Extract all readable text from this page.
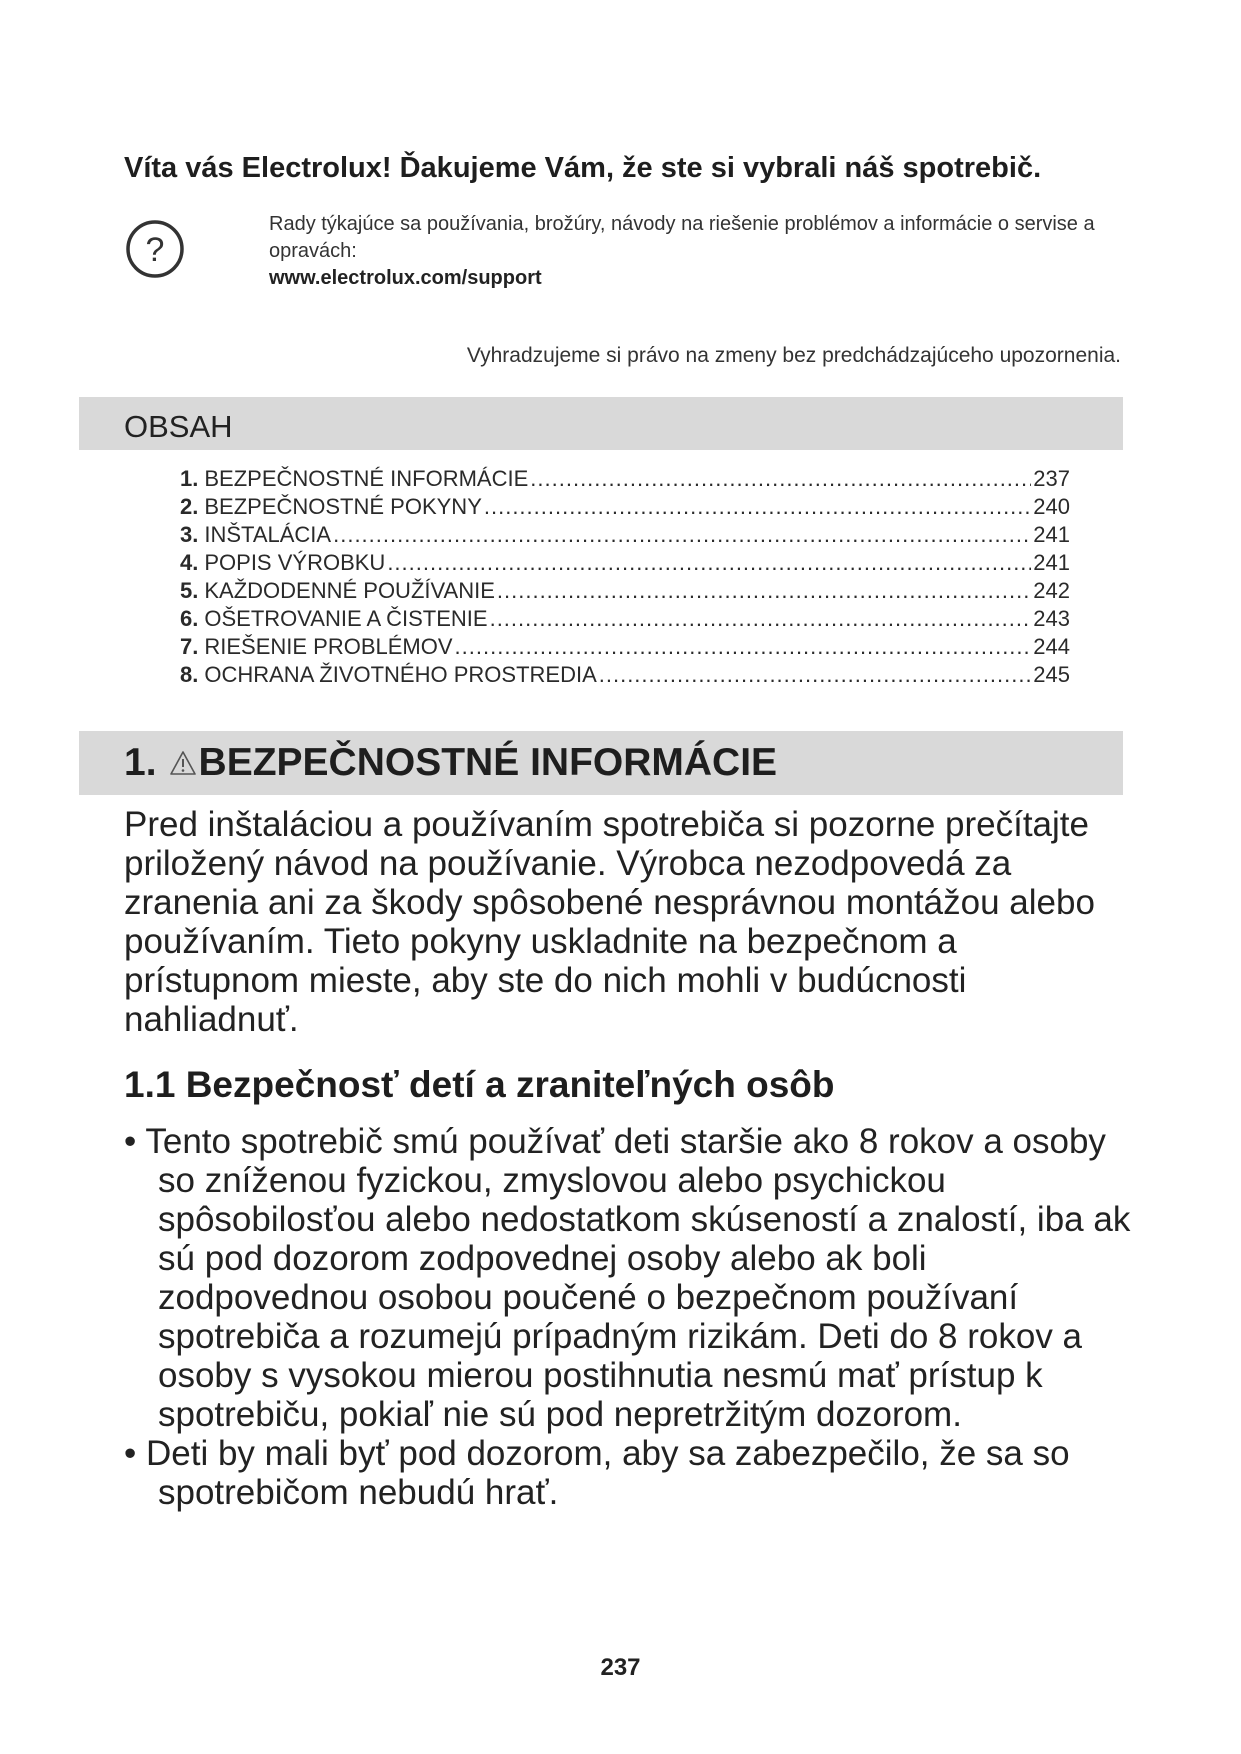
Víta vás Electrolux! Ďakujeme Vám, že ste si vybrali náš spotrebič.
?
Rady týkajúce sa používania, brožúry, návody na riešenie problémov a informácie o servise a opravách:
www.electrolux.com/support
Vyhradzujeme si právo na zmeny bez predchádzajúceho upozornenia.
OBSAH
1. BEZPEČNOSTNÉ INFORMÁCIE .....	237
2. BEZPEČNOSTNÉ POKYNY .....	240
3. INŠTALÁCIA .....	241
4. POPIS VÝROBKU .....	241
5. KAŽDODENNÉ POUŽÍVANIE .....	242
6. OŠETROVANIE A ČISTENIE .....	243
7. RIEŠENIE PROBLÉMOV .....	244
8. OCHRANA ŽIVOTNÉHO PROSTREDIA .....	245
1. BEZPEČNOSTNÉ INFORMÁCIE

Pred inštaláciou a používaním spotrebiča si pozorne prečítajte priložený návod na používanie. Výrobca nezodpovedá za zranenia ani za škody spôsobené nesprávnou montážou alebo používaním. Tieto pokyny uskladnite na bezpečnom a prístupnom mieste, aby ste do nich mohli v budúcnosti nahliadnuť.

1.1 Bezpečnosť detí a zraniteľných osôb
• Tento spotrebič smú používať deti staršie ako 8 rokov a osoby so zníženou fyzickou, zmyslovou alebo psychickou spôsobilosťou alebo nedostatkom skúseností a znalostí, iba ak sú pod dozorom zodpovednej osoby alebo ak boli zodpovednou osobou poučené o bezpečnom používaní spotrebiča a rozumejú prípadným rizikám. Deti do 8 rokov a osoby s vysokou mierou postihnutia nesmú mať prístup k spotrebiču, pokiaľ nie sú pod nepretržitým dozorom.
• Deti by mali byť pod dozorom, aby sa zabezpečilo, že sa so spotrebičom nebudú hrať.
237
